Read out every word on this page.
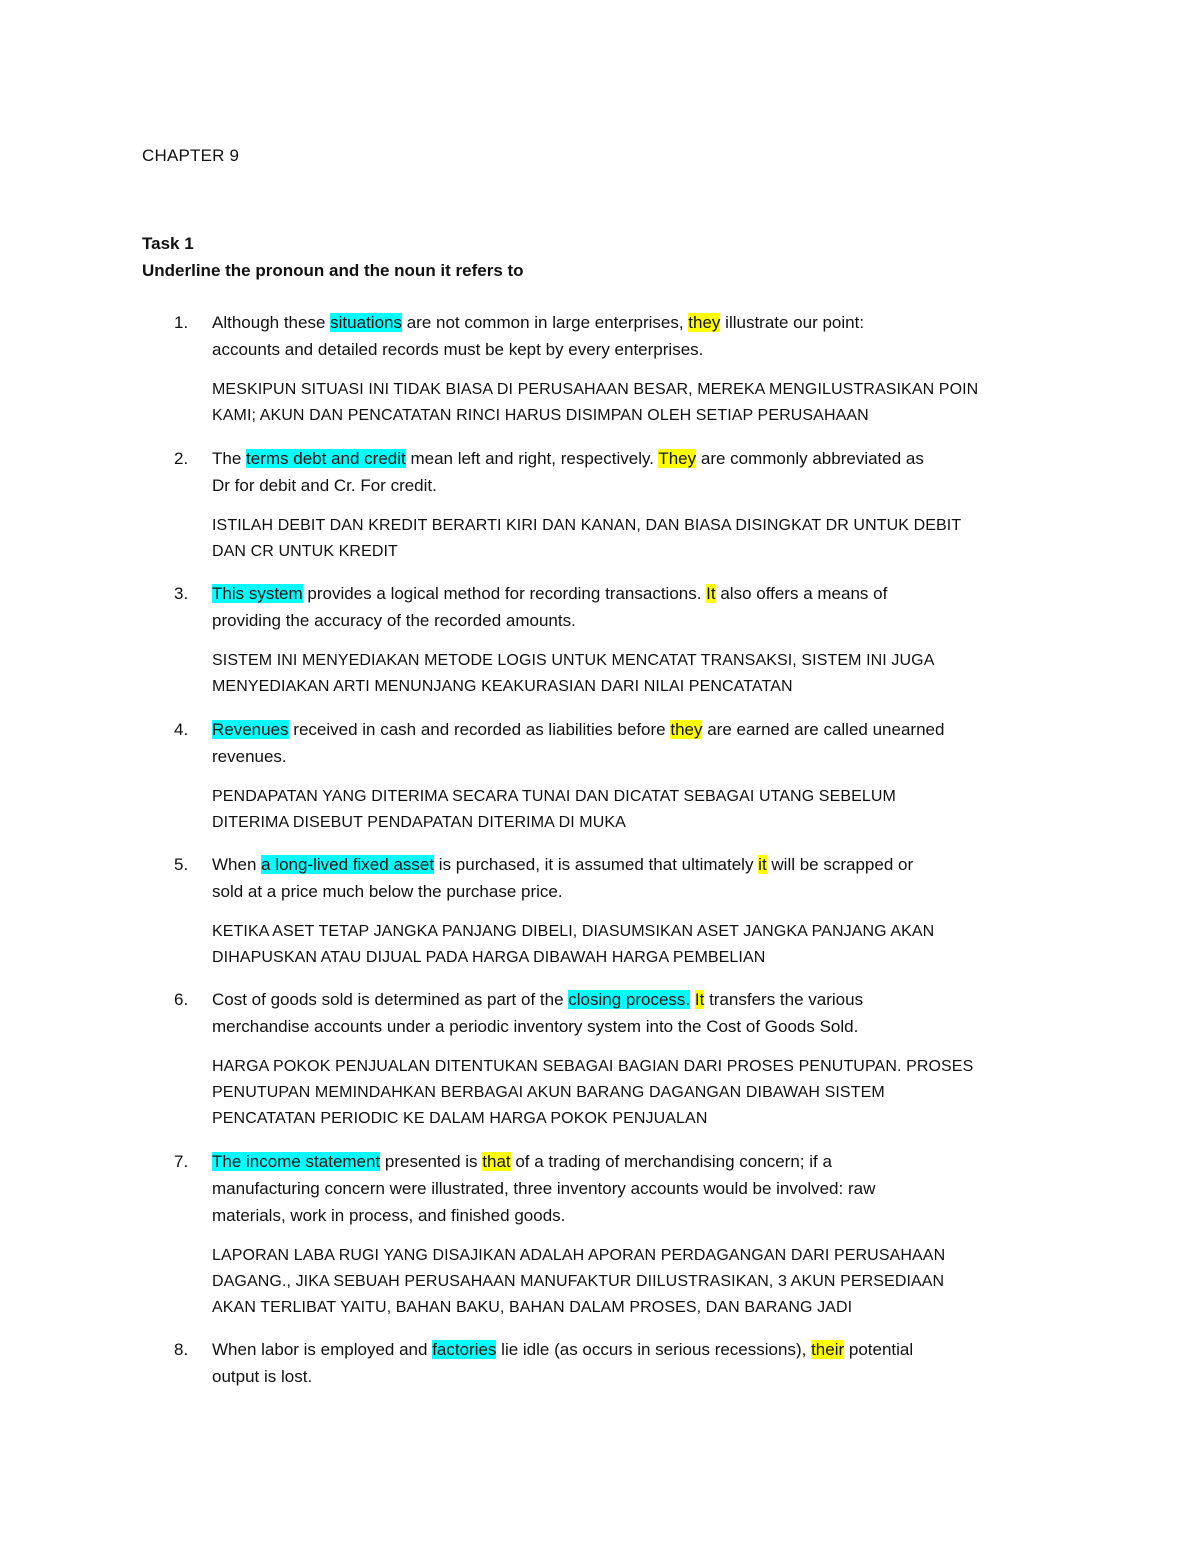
CHAPTER 9
Task 1
Underline the pronoun and the noun it refers to
1.	Although these situations are not common in large enterprises, they illustrate our point:
accounts and detailed records must be kept by every enterprises.
MESKIPUN SITUASI INI TIDAK BIASA DI PERUSAHAAN BESAR, MEREKA MENGILUSTRASIKAN POIN
KAMI; AKUN DAN PENCATATAN RINCI HARUS DISIMPAN OLEH SETIAP PERUSAHAAN
2.	The terms debt and credit mean left and right, respectively. They are commonly abbreviated as
Dr for debit and Cr. For credit.
ISTILAH DEBIT DAN KREDIT BERARTI KIRI DAN KANAN, DAN BIASA DISINGKAT DR UNTUK DEBIT
DAN CR UNTUK KREDIT
3.	This system provides a logical method for recording transactions. It also offers a means of
providing the accuracy of the recorded amounts.
SISTEM INI MENYEDIAKAN METODE LOGIS UNTUK MENCATAT TRANSAKSI, SISTEM INI JUGA
MENYEDIAKAN ARTI MENUNJANG KEAKURASIAN DARI NILAI PENCATATAN
4.	Revenues received in cash and recorded as liabilities before they are earned are called unearned
revenues.
PENDAPATAN YANG DITERIMA SECARA TUNAI DAN DICATAT SEBAGAI UTANG SEBELUM
DITERIMA DISEBUT PENDAPATAN DITERIMA DI MUKA
5.	When a long-lived fixed asset is purchased, it is assumed that ultimately it will be scrapped or
sold at a price much below the purchase price.
KETIKA ASET TETAP JANGKA PANJANG DIBELI, DIASUMSIKAN ASET JANGKA PANJANG AKAN
DIHAPUSKAN ATAU DIJUAL PADA HARGA DIBAWAH HARGA PEMBELIAN
6.	Cost of goods sold is determined as part of the closing process. It transfers the various
merchandise accounts under a periodic inventory system into the Cost of Goods Sold.
HARGA POKOK PENJUALAN DITENTUKAN SEBAGAI BAGIAN DARI PROSES PENUTUPAN. PROSES
PENUTUPAN MEMINDAHKAN BERBAGAI AKUN BARANG DAGANGAN DIBAWAH SISTEM
PENCATATAN PERIODIC KE DALAM HARGA POKOK PENJUALAN
7.	The income statement presented is that of a trading of merchandising concern; if a
manufacturing concern were illustrated, three inventory accounts would be involved: raw
materials, work in process, and finished goods.
LAPORAN LABA RUGI YANG DISAJIKAN ADALAH APORAN PERDAGANGAN DARI PERUSAHAAN
DAGANG., JIKA SEBUAH PERUSAHAAN MANUFAKTUR DIILUSTRASIKAN, 3 AKUN PERSEDIAAN
AKAN TERLIBAT YAITU, BAHAN BAKU, BAHAN DALAM PROSES, DAN BARANG JADI
8.	When labor is employed and factories lie idle (as occurs in serious recessions), their potential
output is lost.
